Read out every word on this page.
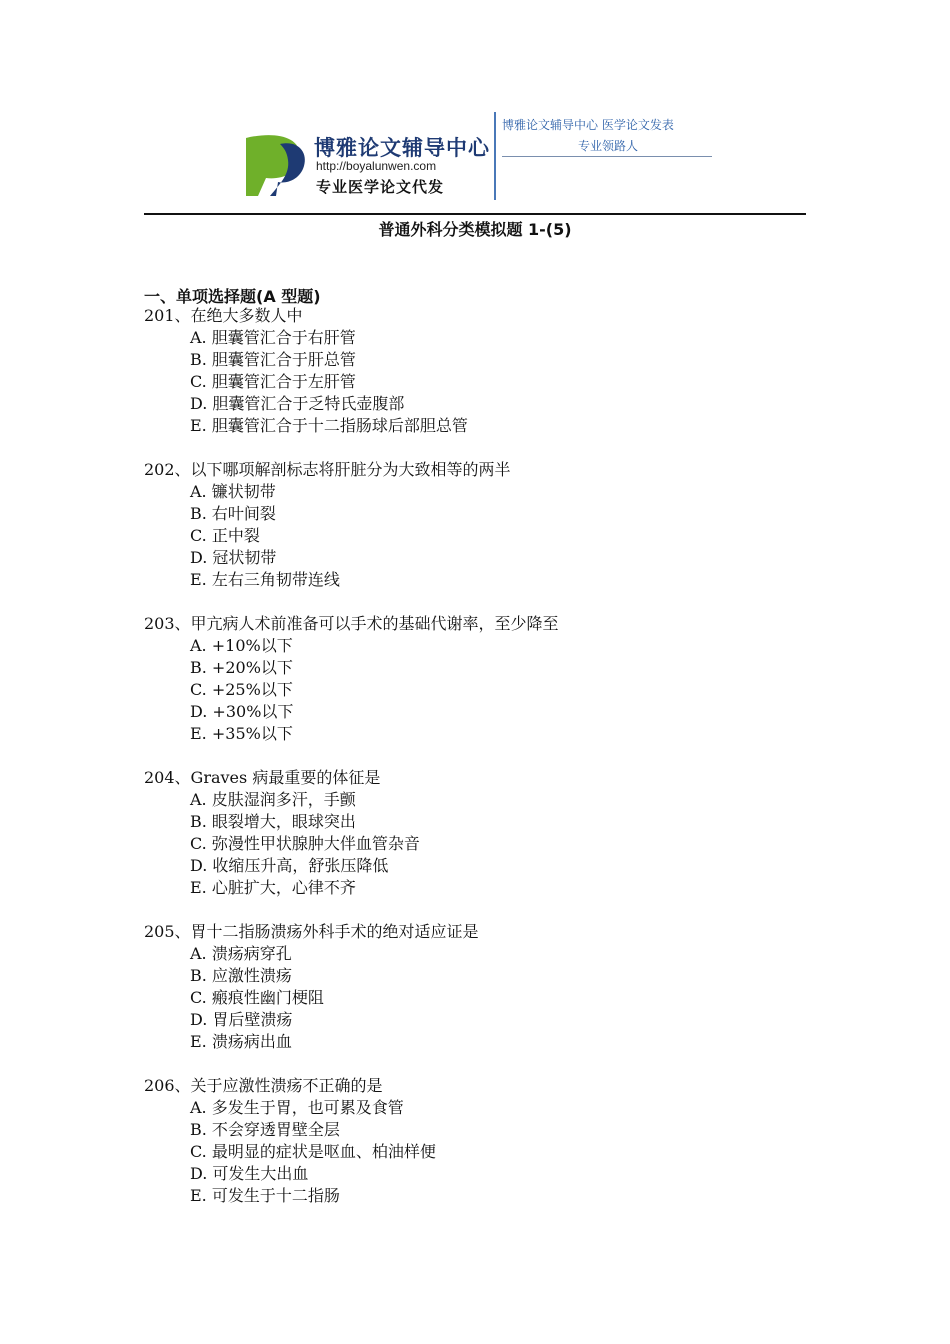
博雅论文辅导中心
http://boyalunwen.com
专业医学论文代发
博雅论文辅导中心 医学论文发表
专业领路人
普通外科分类模拟题 1-(5)
一、单项选择题(A 型题)
201、在绝大多数人中
A. 胆囊管汇合于右肝管
B. 胆囊管汇合于肝总管
C. 胆囊管汇合于左肝管
D. 胆囊管汇合于乏特氏壶腹部
E. 胆囊管汇合于十二指肠球后部胆总管
202、以下哪项解剖标志将肝脏分为大致相等的两半
A. 镰状韧带
B. 右叶间裂
C. 正中裂
D. 冠状韧带
E. 左右三角韧带连线
203、甲亢病人术前准备可以手术的基础代谢率，至少降至
A. +10%以下
B. +20%以下
C. +25%以下
D. +30%以下
E. +35%以下
204、Graves 病最重要的体征是
A. 皮肤湿润多汗，手颤
B. 眼裂增大，眼球突出
C. 弥漫性甲状腺肿大伴血管杂音
D. 收缩压升高，舒张压降低
E. 心脏扩大，心律不齐
205、胃十二指肠溃疡外科手术的绝对适应证是
A. 溃疡病穿孔
B. 应激性溃疡
C. 瘢痕性幽门梗阻
D. 胃后壁溃疡
E. 溃疡病出血
206、关于应激性溃疡不正确的是
A. 多发生于胃，也可累及食管
B. 不会穿透胃壁全层
C. 最明显的症状是呕血、柏油样便
D. 可发生大出血
E. 可发生于十二指肠
